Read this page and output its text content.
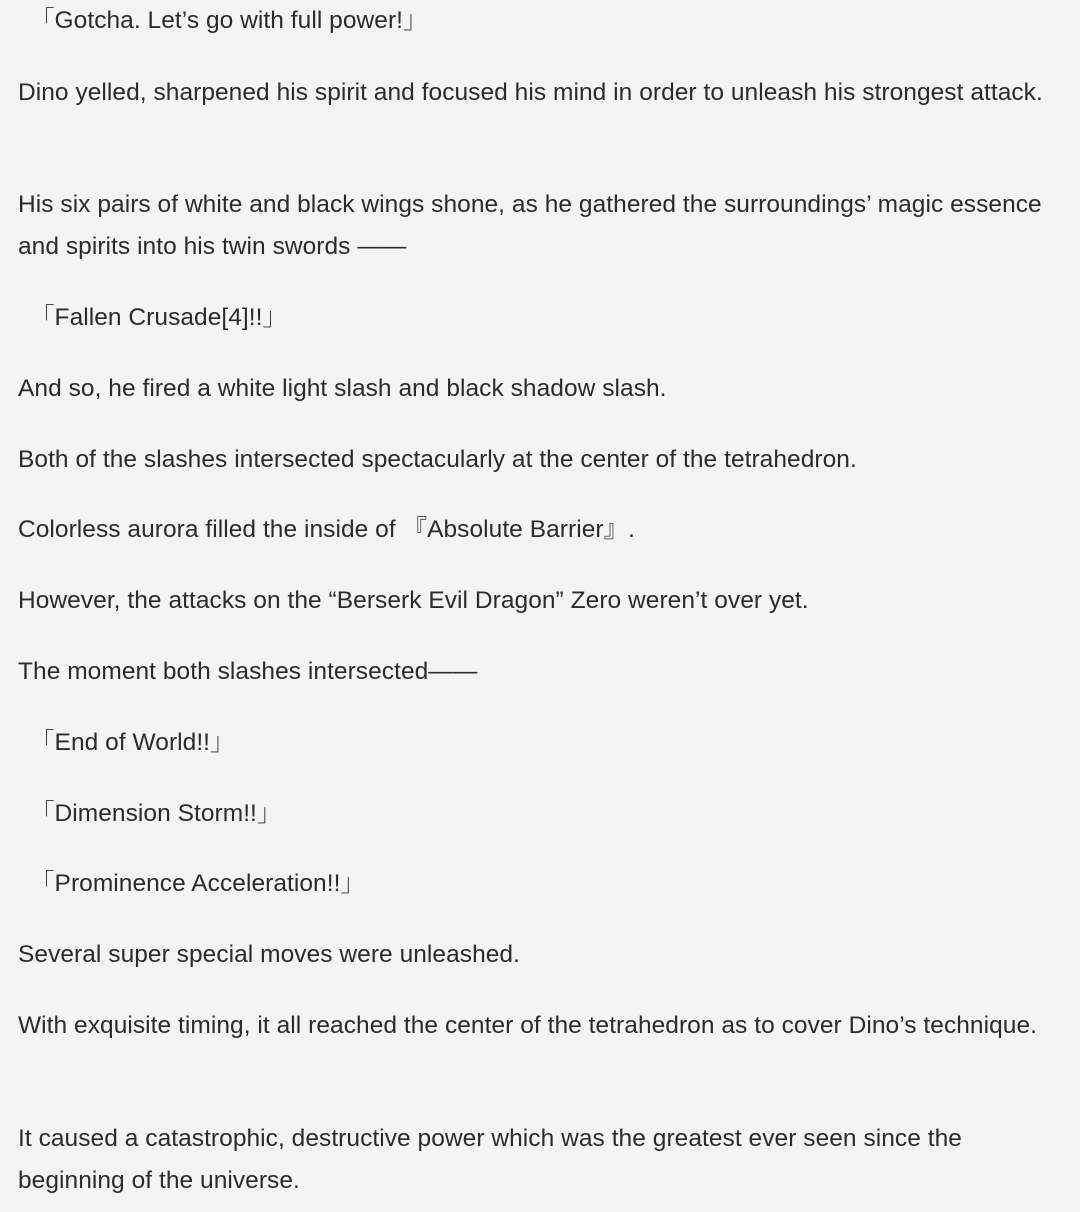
「Gotcha. Let’s go with full power!」

Dino yelled, sharpened his spirit and focused his mind in order to unleash his strongest attack.

His six pairs of white and black wings shone, as he gathered the surroundings’ magic essence and spirits into his twin swords ——

「Fallen Crusade[4]!!」

And so, he fired a white light slash and black shadow slash.

Both of the slashes intersected spectacularly at the center of the tetrahedron.

Colorless aurora filled the inside of 『Absolute Barrier』.

However, the attacks on the “Berserk Evil Dragon” Zero weren’t over yet.

The moment both slashes intersected——

「End of World!!」

「Dimension Storm!!」

「Prominence Acceleration!!」

Several super special moves were unleashed.

With exquisite timing, it all reached the center of the tetrahedron as to cover Dino’s technique.

It caused a catastrophic, destructive power which was the greatest ever seen since the beginning of the universe.
